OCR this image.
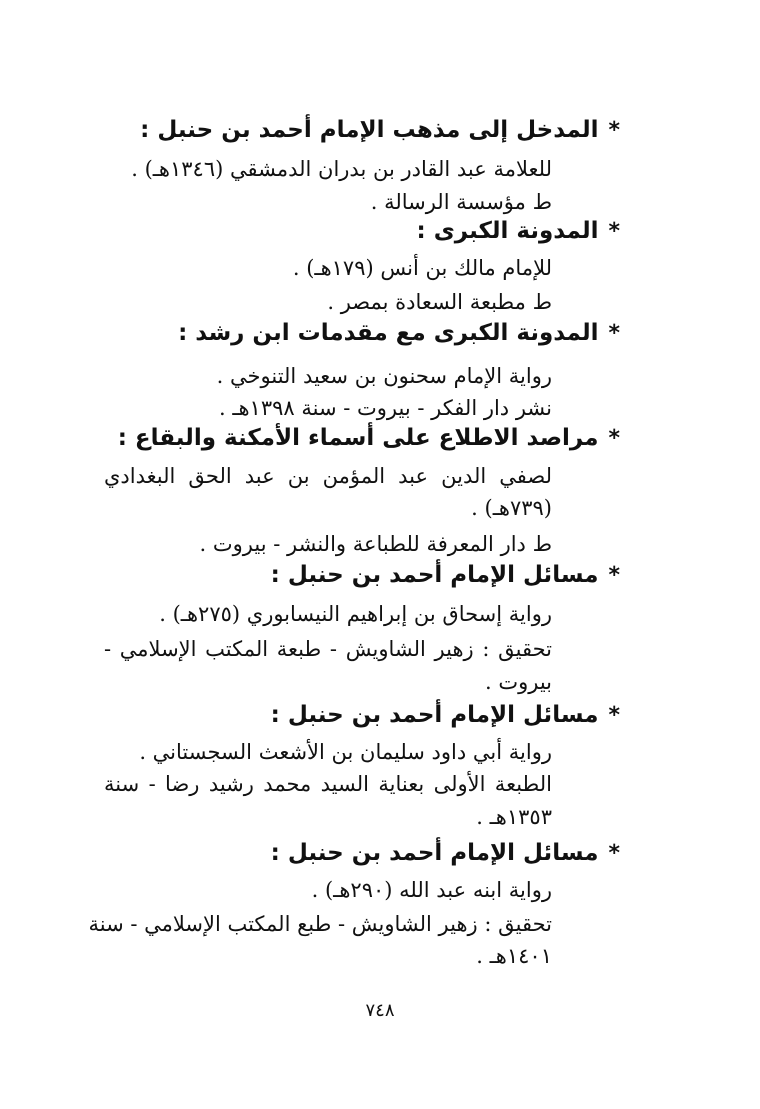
*المدخل إلى مذهب الإمام أحمد بن حنبل :
للعلامة عبد القادر بن بدران الدمشقي (١٣٤٦هـ) .
ط مؤسسة الرسالة .
*المدونة الكبرى :
للإمام مالك بن أنس (١٧٩هـ) .
ط مطبعة السعادة بمصر .
*المدونة الكبرى مع مقدمات ابن رشد :
رواية الإمام سحنون بن سعيد التنوخي .
نشر دار الفكر - بيروت - سنة ١٣٩٨هـ .
*مراصد الاطلاع على أسماء الأمكنة والبقاع :
لصفي الدين عبد المؤمن بن عبد الحق البغدادي
(٧٣٩هـ) .
ط دار المعرفة للطباعة والنشر - بيروت .
*مسائل الإمام أحمد بن حنبل :
رواية إسحاق بن إبراهيم النيسابوري (٢٧٥هـ) .
تحقيق : زهير الشاويش - طبعة المكتب الإسلامي -
بيروت .
*مسائل الإمام أحمد بن حنبل :
رواية أبي داود سليمان بن الأشعث السجستاني .
الطبعة الأولى بعناية السيد محمد رشيد رضا - سنة
١٣٥٣هـ .
*مسائل الإمام أحمد بن حنبل :
رواية ابنه عبد الله (٢٩٠هـ) .
تحقيق : زهير الشاويش - طبع المكتب الإسلامي - سنة
١٤٠١هـ .
٧٤٨
